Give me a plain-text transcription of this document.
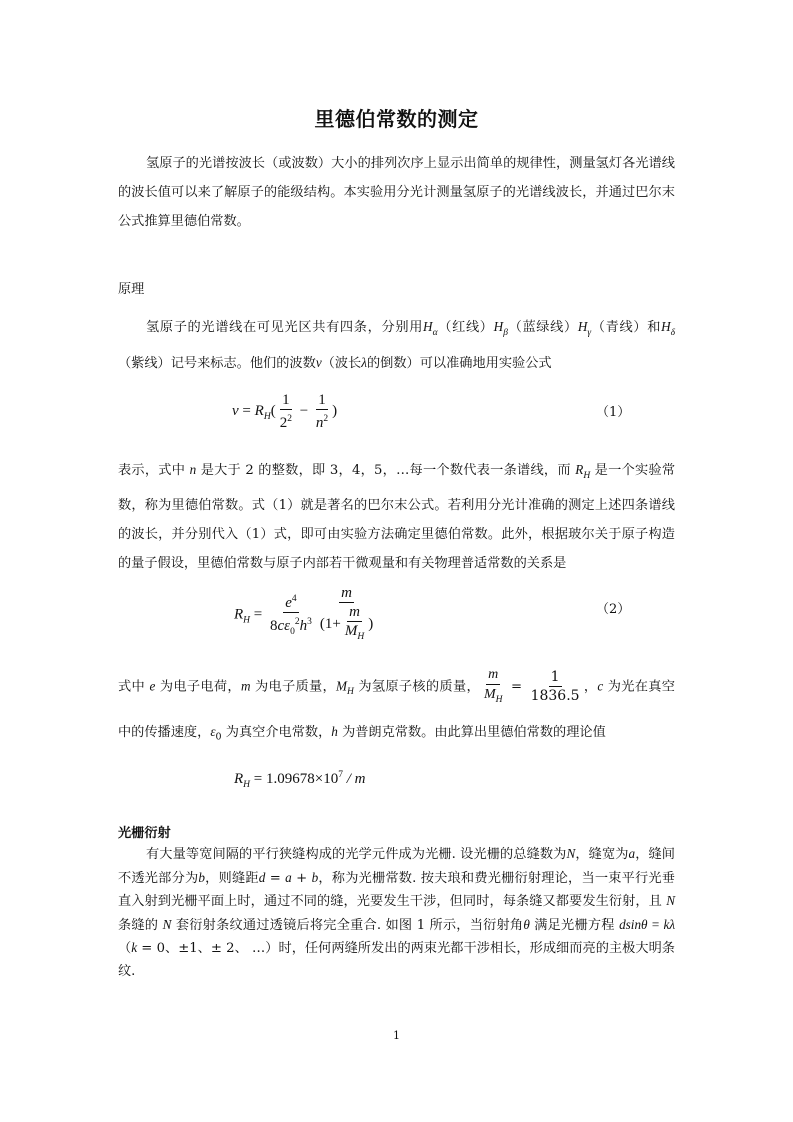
里德伯常数的测定
氢原子的光谱按波长（或波数）大小的排列次序上显示出简单的规律性，测量氢灯各光谱线的波长值可以来了解原子的能级结构。本实验用分光计测量氢原子的光谱线波长，并通过巴尔末公式推算里德伯常数。
原理
氢原子的光谱线在可见光区共有四条，分别用$H_\alpha$（红线）$H_\beta$（蓝绿线）$H_\gamma$（青线）和$H_\delta$（紫线）记号来标志。他们的波数ν（波长λ的倒数）可以准确地用实验公式
$\nu = R_H( \frac{1}{2^2} - \frac{1}{n^2}$ )	（1）
表示，式中 n 是大于 2 的整数，即 3，4，5，…每一个数代表一条谱线，而 $R_H$ 是一个实验常数，称为里德伯常数。式（1）就是著名的巴尔末公式。若利用分光计准确的测定上述四条谱线的波长，并分别代入（1）式，即可由实验方法确定里德伯常数。此外，根据玻尔关于原子构造的量子假设，里德伯常数与原子内部若干微观量和有关物理普适常数的关系是
$R_H = \frac{e^4}{8c\varepsilon_0^2h^3} \frac{m}{(1+ \frac{m}{M_H} )}$	（2）
式中 e 为电子电荷，m 为电子质量，$M_H$ 为氢原子核的质量， $\frac{m}{M_H} = \frac{1}{1836.5}$ ，c 为光在真空中的传播速度，$\varepsilon_0$ 为真空介电常数，h 为普朗克常数。由此算出里德伯常数的理论值
$R_H = 1.09678\times 10^7 / m$
光栅衍射
有大量等宽间隔的平行狭缝构成的光学元件成为光栅. 设光栅的总缝数为N，缝宽为a，缝间不透光部分为b，则缝距d = a + b，称为光栅常数. 按夫琅和费光栅衍射理论，当一束平行光垂直入射到光栅平面上时，通过不同的缝，光要发生干涉，但同时，每条缝又都要发生衍射，且 N 条缝的 N 套衍射条纹通过透镜后将完全重合. 如图 1 所示，当衍射角θ 满足光栅方程 dsinθ = kλ（k = 0、±1、± 2、 …）时，任何两缝所发出的两束光都干涉相长，形成细而亮的主极大明条纹.
1
